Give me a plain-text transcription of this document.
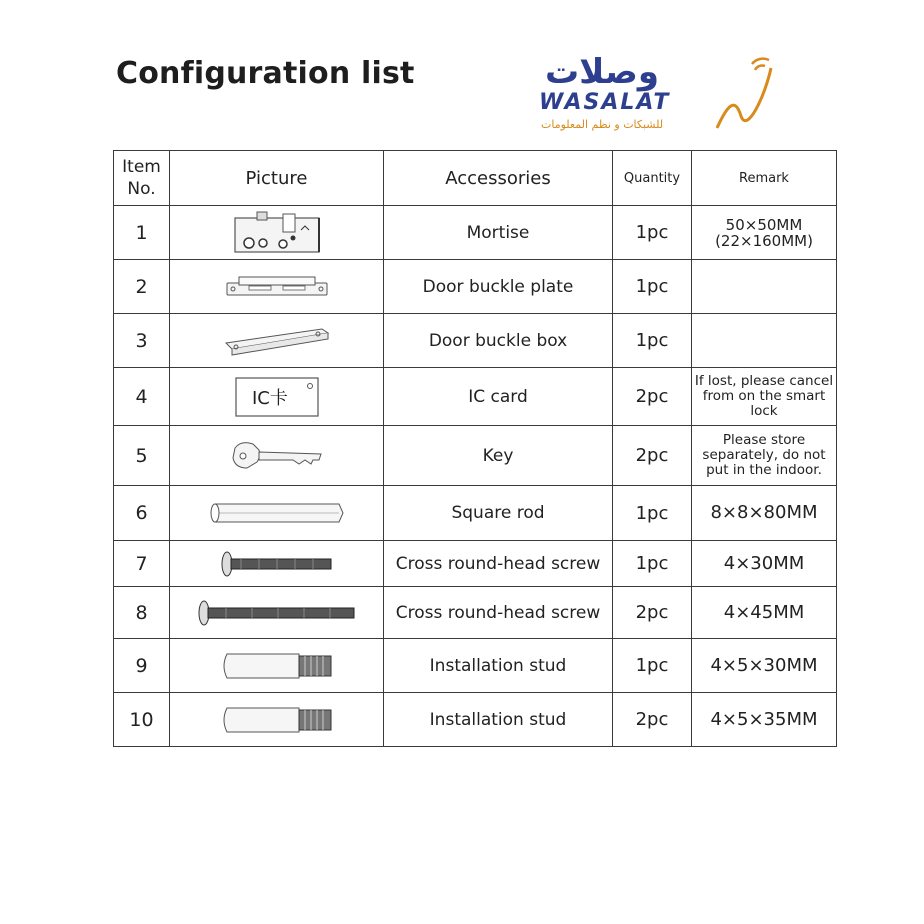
Configuration list	وصلات
WASALAT
للشبكات و نظم المعلومات
Item No.	Picture	Accessories	Quantity	Remark
1		Mortise	1pc	50×50MM (22×160MM)
2		Door buckle plate	1pc	
3		Door buckle box	1pc	
4	IC卡	IC card	2pc	If lost, please cancel from on the smart lock
5		Key	2pc	Please store separately, do not put in the indoor.
6		Square rod	1pc	8×8×80MM
7		Cross round-head screw	1pc	4×30MM
8		Cross round-head screw	2pc	4×45MM
9		Installation stud	1pc	4×5×30MM
10		Installation stud	2pc	4×5×35MM
